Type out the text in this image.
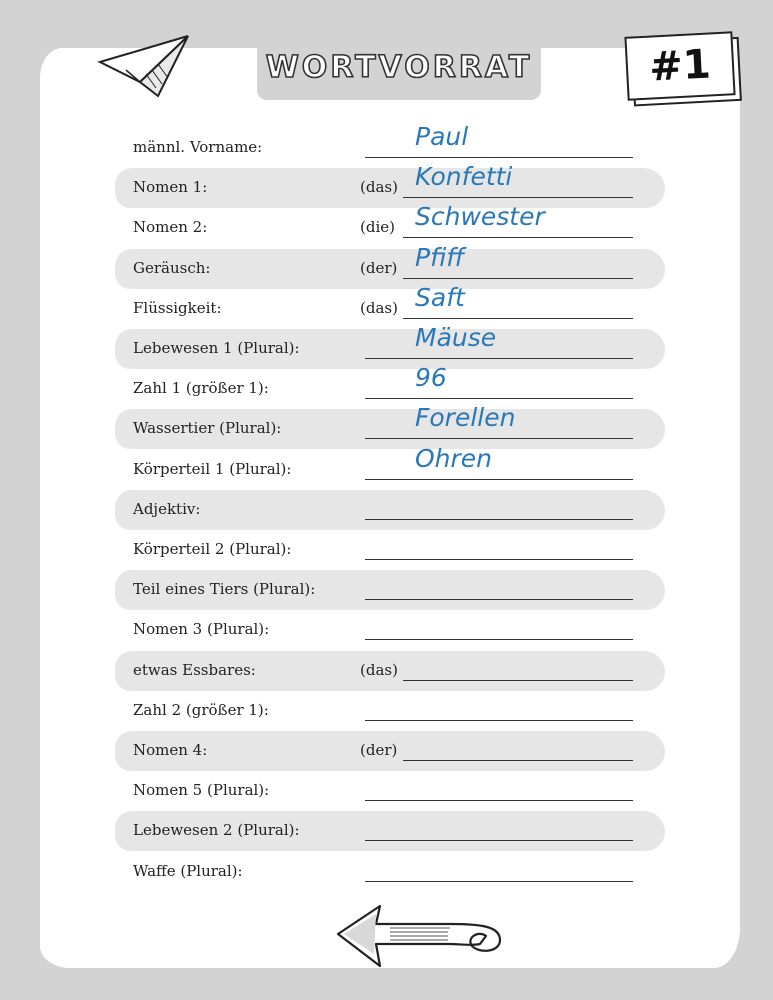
WORTVORRAT	#1
männl. Vorname:	Paul
Nomen 1:	(das) Konfetti
Nomen 2:	(die) Schwester
Geräusch:	(der) Pfiff
Flüssigkeit:	(das) Saft
Lebewesen 1 (Plural):	Mäuse
Zahl 1 (größer 1):	96
Wassertier (Plural):	Forellen
Körperteil 1 (Plural):	Ohren
Adjektiv:
Körperteil 2 (Plural):
Teil eines Tiers (Plural):
Nomen 3 (Plural):
etwas Essbares:	(das)
Zahl 2 (größer 1):
Nomen 4:	(der)
Nomen 5 (Plural):
Lebewesen 2 (Plural):
Waffe (Plural):
